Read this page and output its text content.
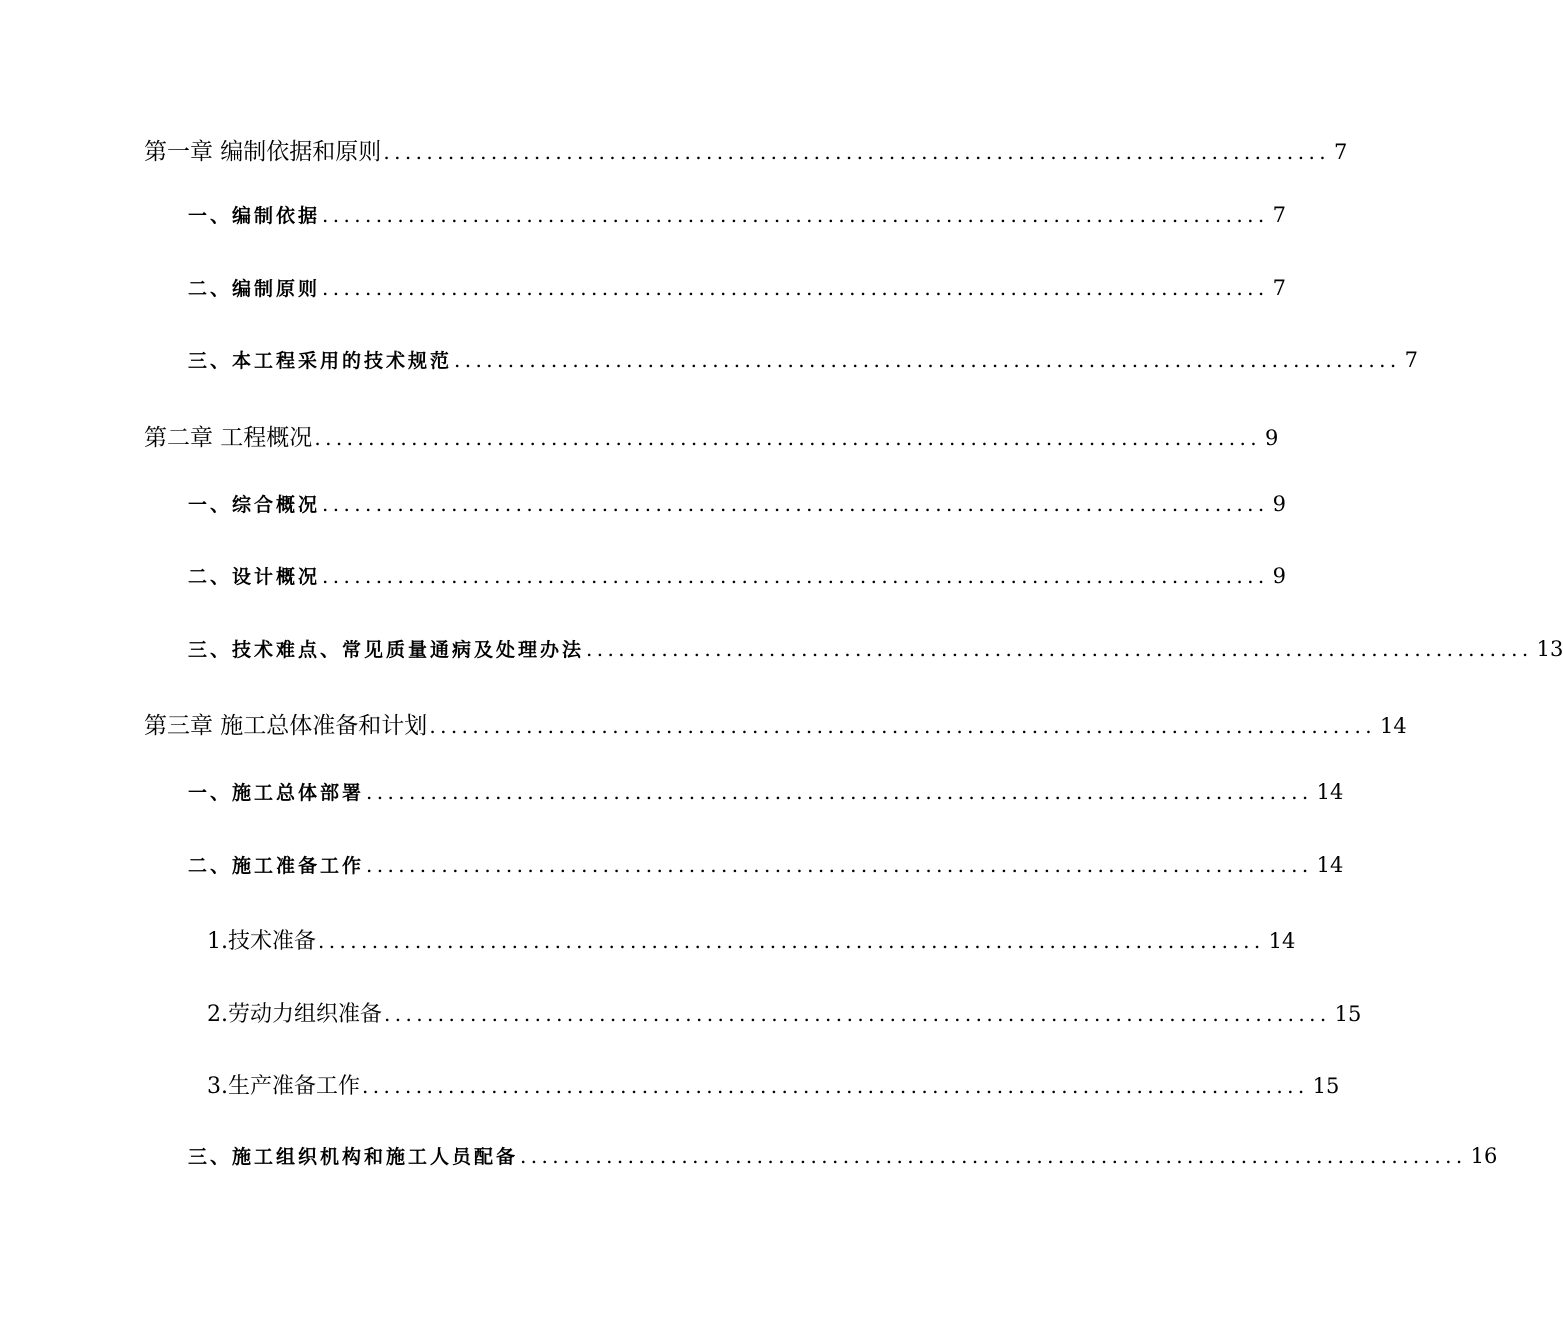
第一章 编制依据和原则 ........................................................................................ 7
一、编制依据 ........................................................................................ 7
二、编制原则 ........................................................................................ 7
三、本工程采用的技术规范 ........................................................................................ 7
第二章 工程概况 ........................................................................................ 9
一、综合概况 ........................................................................................ 9
二、设计概况 ........................................................................................ 9
三、技术难点、常见质量通病及处理办法 ........................................................................................ 13
第三章 施工总体准备和计划 ........................................................................................ 14
一、施工总体部署 ........................................................................................ 14
二、施工准备工作 ........................................................................................ 14
1.技术准备 ........................................................................................ 14
2.劳动力组织准备 ........................................................................................ 15
3.生产准备工作 ........................................................................................ 15
三、施工组织机构和施工人员配备 ........................................................................................ 16
